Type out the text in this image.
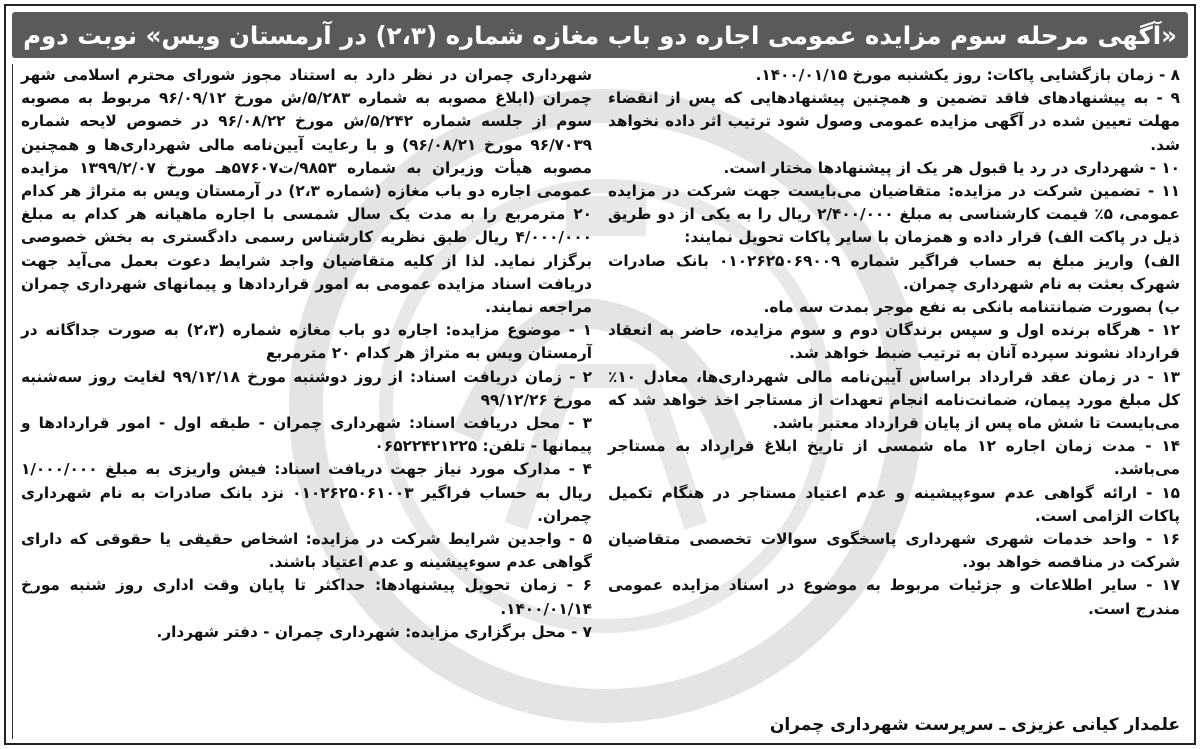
«آگهی مرحله سوم مزایده عمومی اجاره دو باب مغازه شماره (۲،۳) در آرمستان ویس» نوبت دوم

شهرداری چمران در نظر دارد به استناد مجوز شورای محترم اسلامی شهر چمران (ابلاغ مصوبه به شماره ۵/۲۸۳/ش مورخ ۹۶/۰۹/۱۲ مربوط به مصوبه سوم از جلسه شماره ۵/۲۴۲/ش مورخ ۹۶/۰۸/۲۲ در خصوص لایحه شماره ۹۶/۷۰۳۹ مورخ ۹۶/۰۸/۲۱) و با رعایت آیین‌نامه مالی شهرداری‌ها و همچنین مصوبه هیأت وزیران به شماره ۹۸۵۳/ت۵۷۶۰۷هـ مورخ ۱۳۹۹/۲/۰۷ مزایده عمومی اجاره دو باب مغازه (شماره ۲،۳) در آرمستان ویس به متراژ هر کدام ۲۰ مترمربع را به مدت یک سال شمسی با اجاره ماهیانه هر کدام به مبلغ ۴/۰۰۰/۰۰۰ ریال طبق نظریه کارشناس رسمی دادگستری به بخش خصوصی برگزار نماید. لذا از کلیه متقاضیان واجد شرایط دعوت بعمل می‌آید جهت دریافت اسناد مزایده عمومی به امور قراردادها و پیمانهای شهرداری چمران مراجعه نمایند.

۱ - موضوع مزایده: اجاره دو باب مغازه شماره (۲،۳) به صورت جداگانه در آرمستان ویس به متراژ هر کدام ۲۰ مترمربع

۲ - زمان دریافت اسناد: از روز دوشنبه مورخ ۹۹/۱۲/۱۸ لغایت روز سه‌شنبه مورخ ۹۹/۱۲/۲۶

۳ - محل دریافت اسناد: شهرداری چمران - طبقه اول - امور قراردادها و پیمانها - تلفن: ۰۶۵۲۲۴۲۱۲۲۵

۴ - مدارک مورد نیاز جهت دریافت اسناد: فیش واریزی به مبلغ ۱/۰۰۰/۰۰۰ ریال به حساب فراگیر ۰۱۰۲۶۲۵۰۶۱۰۰۳ نزد بانک صادرات به نام شهرداری چمران.

۵ - واجدین شرایط شرکت در مزایده: اشخاص حقیقی یا حقوقی که دارای گواهی عدم سوءپیشینه و عدم اعتیاد باشند.

۶ - زمان تحویل پیشنهادها: حداکثر تا پایان وقت اداری روز شنبه مورخ ۱۴۰۰/۰۱/۱۴.

۷ - محل برگزاری مزایده: شهرداری چمران - دفتر شهردار.

۸ - زمان بازگشایی پاکات: روز یکشنبه مورخ ۱۴۰۰/۰۱/۱۵.

۹ - به پیشنهادهای فاقد تضمین و همچنین پیشنهادهایی که پس از انقضاء مهلت تعیین شده در آگهی مزایده عمومی وصول شود ترتیب اثر داده نخواهد شد.

۱۰ - شهرداری در رد یا قبول هر یک از پیشنهادها مختار است.

۱۱ - تضمین شرکت در مزایده: متقاضیان می‌بایست جهت شرکت در مزایده عمومی، ۵٪ قیمت کارشناسی به مبلغ ۲/۴۰۰/۰۰۰ ریال را به یکی از دو طریق ذیل در پاکت الف) قرار داده و همزمان با سایر پاکات تحویل نمایند:

الف) واریز مبلغ به حساب فراگیر شماره ۰۱۰۲۶۲۵۰۶۹۰۰۹ بانک صادرات شهرک بعثت به نام شهرداری چمران.

ب) بصورت ضمانتنامه بانکی به نفع موجر بمدت سه ماه.

۱۲ - هرگاه برنده اول و سپس برندگان دوم و سوم مزایده، حاضر به انعقاد قرارداد نشوند سپرده آنان به ترتیب ضبط خواهد شد.

۱۳ - در زمان عقد قرارداد براساس آیین‌نامه مالی شهرداری‌ها، معادل ۱۰٪ کل مبلغ مورد پیمان، ضمانت‌نامه انجام تعهدات از مستاجر اخذ خواهد شد که می‌بایست تا شش ماه پس از پایان قرارداد معتبر باشد.

۱۴ - مدت زمان اجاره ۱۲ ماه شمسی از تاریخ ابلاغ قرارداد به مستاجر می‌باشد.

۱۵ - ارائه گواهی عدم سوءپیشینه و عدم اعتیاد مستاجر در هنگام تکمیل پاکات الزامی است.

۱۶ - واحد خدمات شهری شهرداری پاسخگوی سوالات تخصصی متقاضیان شرکت در مناقصه خواهد بود.

۱۷ - سایر اطلاعات و جزئیات مربوط به موضوع در اسناد مزایده عمومی مندرج است.

علمدار کیانی عزیزی ـ سرپرست شهرداری چمران
